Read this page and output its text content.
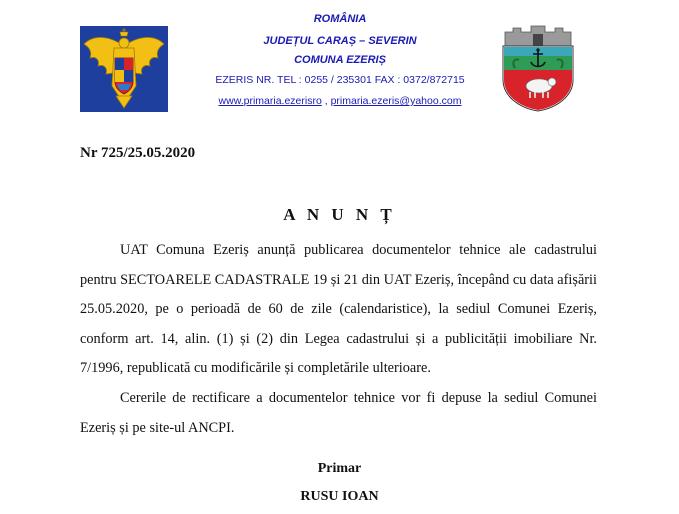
ROMÂNIA
JUDEȚUL CARAȘ – SEVERIN
COMUNA EZERIȘ
EZERIS NR. TEL : 0255 / 235301 FAX : 0372/872715
www.primaria.ezerisro , primaria.ezeris@yahoo.com
Nr 725/25.05.2020
A N U N Ț

UAT Comuna Ezeriș anunță publicarea documentelor tehnice ale cadastrului pentru SECTOARELE CADASTRALE 19 și 21 din UAT Ezeriș, începând cu data afișării 25.05.2020, pe o perioadă de 60 de zile (calendaristice), la sediul Comunei Ezeriș, conform art. 14, alin. (1) și (2) din Legea cadastrului și a publicității imobiliare Nr. 7/1996, republicată cu modificările și completările ulterioare.

Cererile de rectificare a documentelor tehnice vor fi depuse la sediul Comunei Ezeriș și pe site-ul ANCPI.

Primar
RUSU IOAN
